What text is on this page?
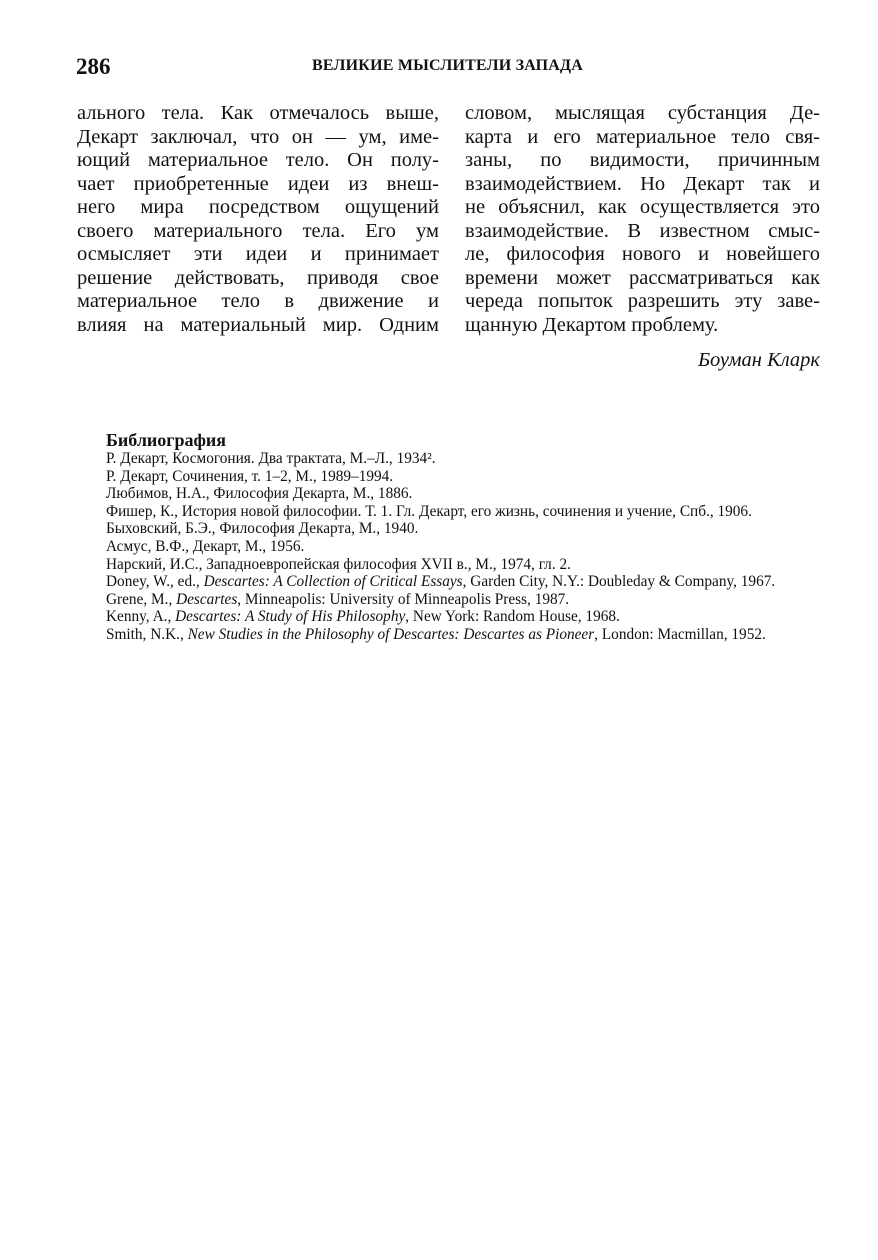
286	ВЕЛИКИЕ МЫСЛИТЕЛИ ЗАПАДА
ального тела. Как отмечалось выше,
Декарт заключал, что он — ум, име-
ющий материальное тело. Он полу-
чает приобретенные идеи из внеш-
него мира посредством ощущений
своего материального тела. Его ум
осмысляет эти идеи и принимает
решение действовать, приводя свое
материальное тело в движение и
влияя на материальный мир. Одним
словом, мыслящая субстанция Де-
карта и его материальное тело свя-
заны, по видимости, причинным
взаимодействием. Но Декарт так и
не объяснил, как осуществляется это
взаимодействие. В известном смыс-
ле, философия нового и новейшего
времени может рассматриваться как
череда попыток разрешить эту заве-
щанную Декартом проблему.
Боуман Кларк
Библиография

Р. Декарт, Космогония. Два трактата, М.–Л., 1934².

Р. Декарт, Сочинения, т. 1–2, М., 1989–1994.

Любимов, Н.А., Философия Декарта, М., 1886.

Фишер, К., История новой философии. Т. 1. Гл. Декарт, его жизнь, сочинения и учение, Спб., 1906.

Быховский, Б.Э., Философия Декарта, М., 1940.

Асмус, В.Ф., Декарт, М., 1956.

Нарский, И.С., Западноевропейская философия XVII в., М., 1974, гл. 2.

Doney, W., ed., Descartes: A Collection of Critical Essays, Garden City, N.Y.: Doubleday & Company, 1967.

Grene, M., Descartes, Minneapolis: University of Minneapolis Press, 1987.

Kenny, A., Descartes: A Study of His Philosophy, New York: Random House, 1968.

Smith, N.K., New Studies in the Philosophy of Descartes: Descartes as Pioneer, London: Macmillan, 1952.
